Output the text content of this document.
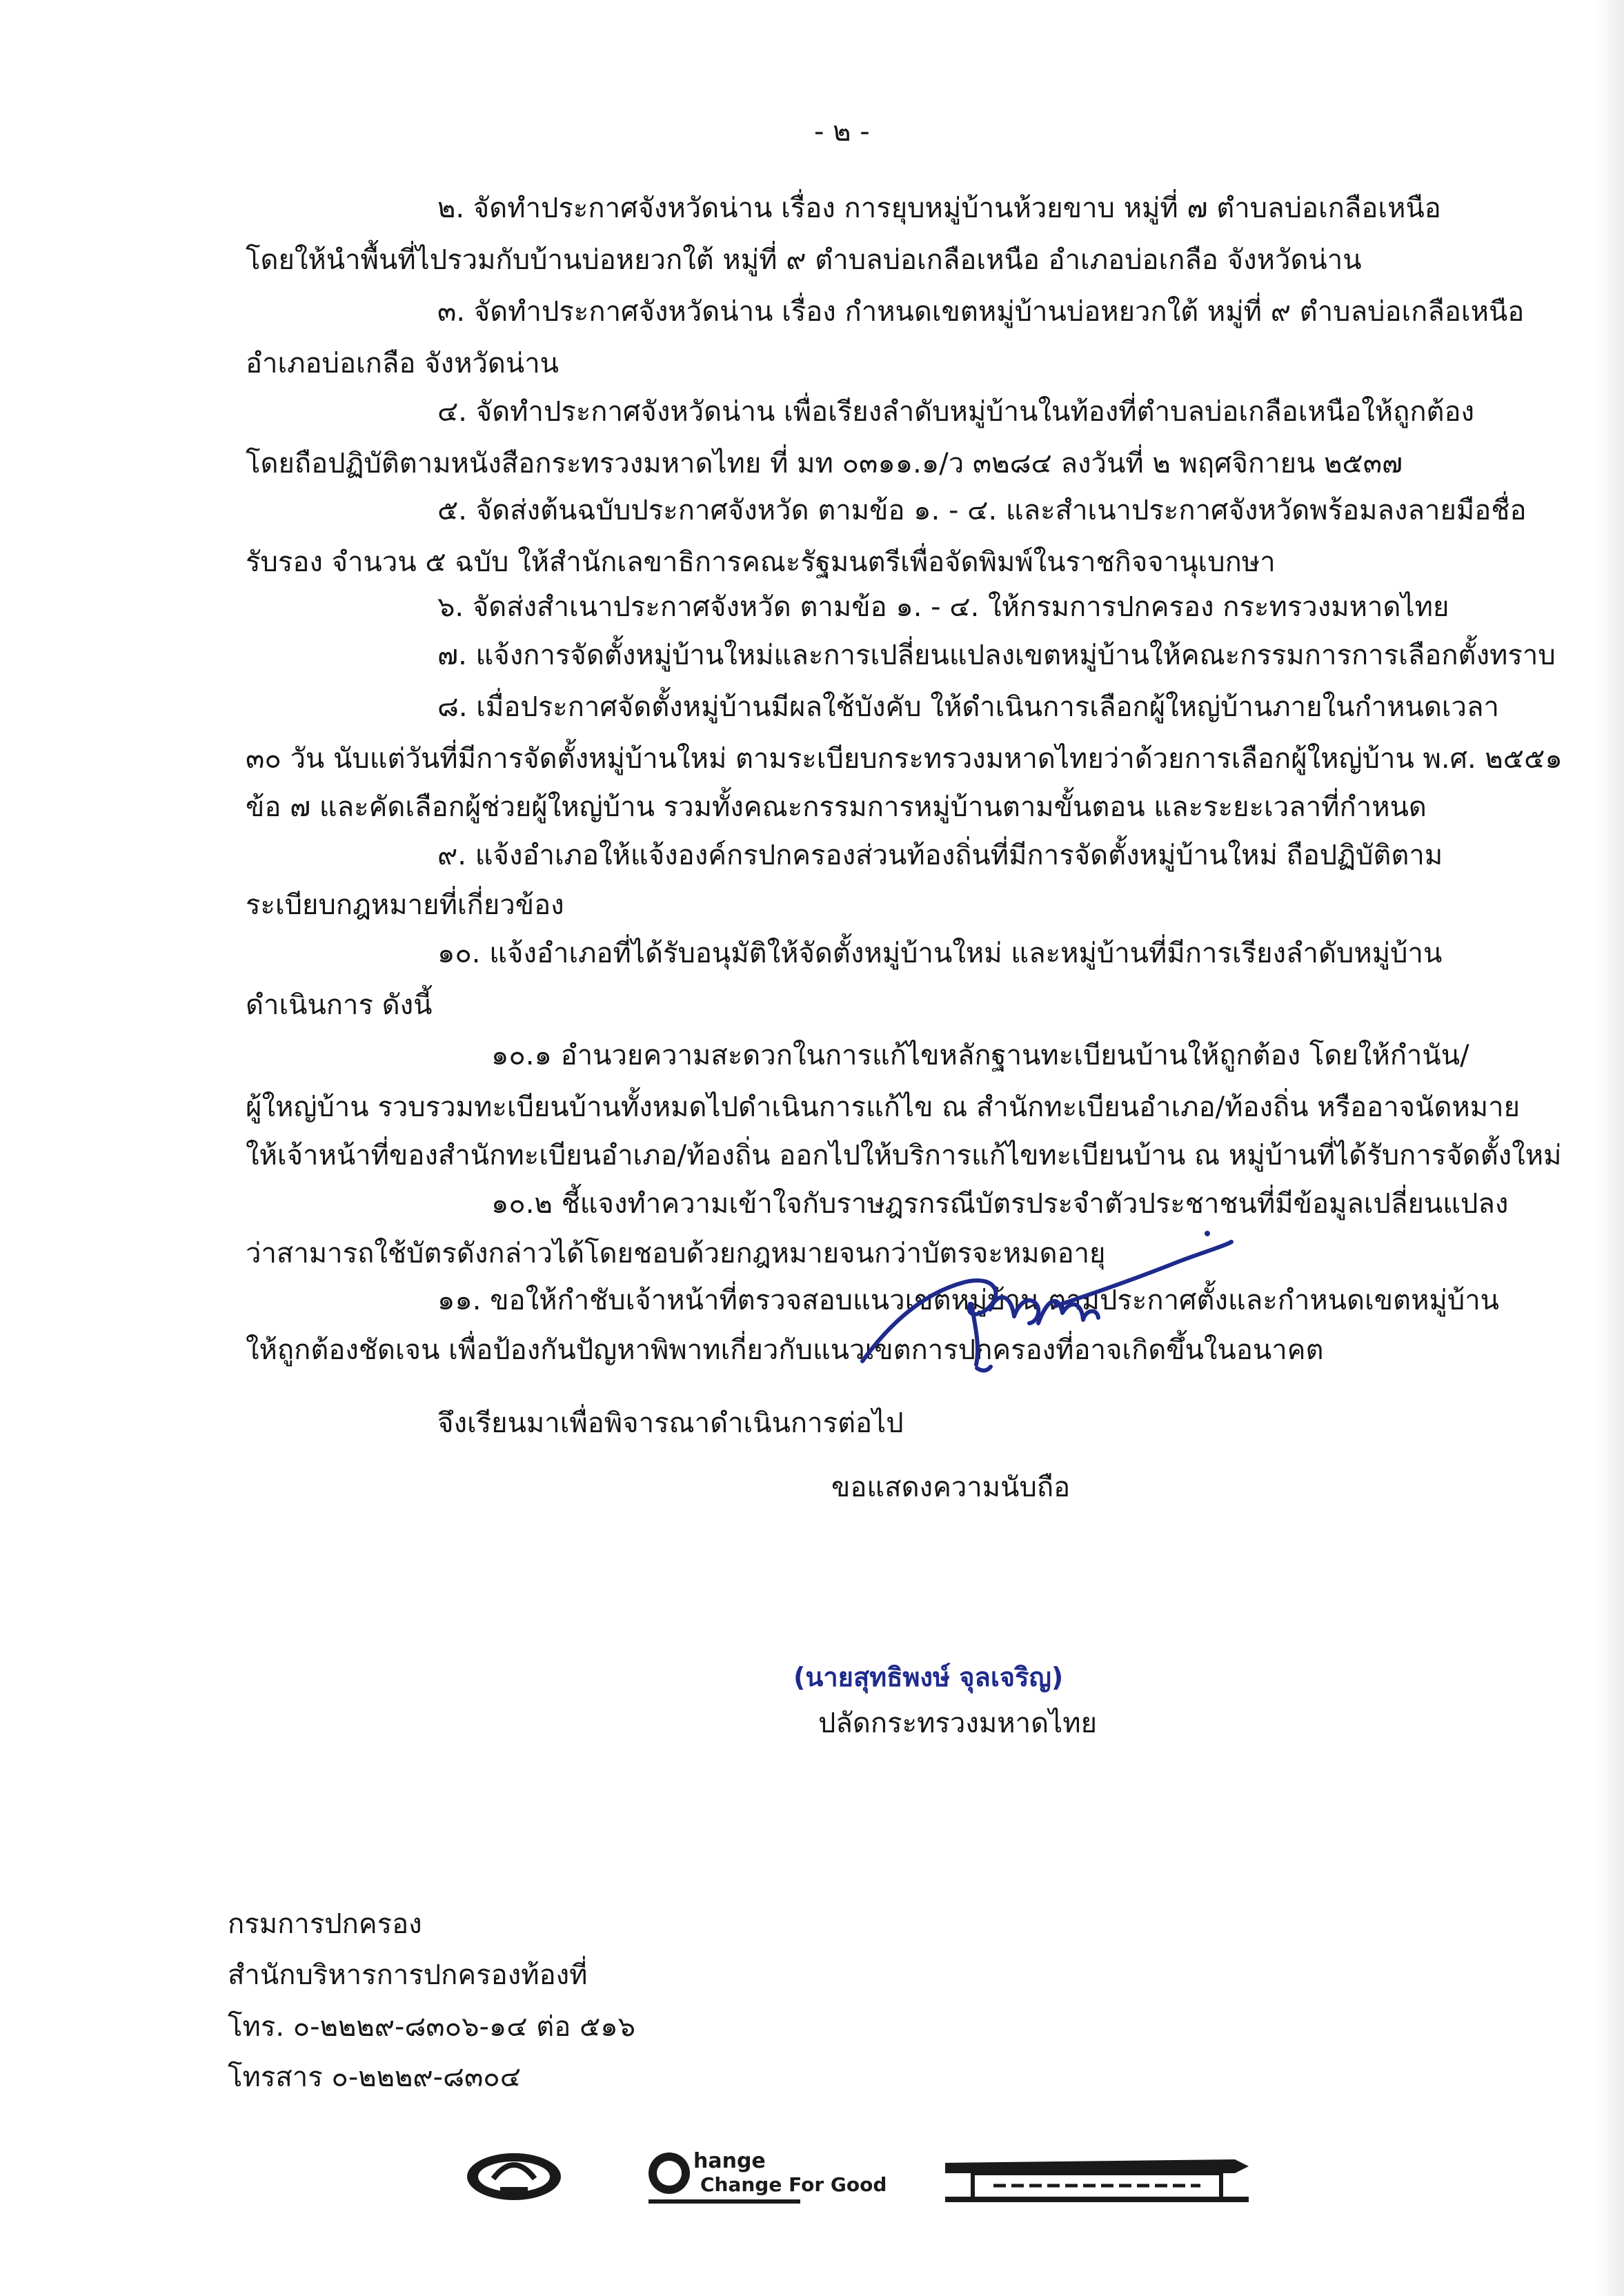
- ๒ -
๒. จัดทำประกาศจังหวัดน่าน เรื่อง การยุบหมู่บ้านห้วยขาบ หมู่ที่ ๗ ตำบลบ่อเกลือเหนือ
โดยให้นำพื้นที่ไปรวมกับบ้านบ่อหยวกใต้ หมู่ที่ ๙ ตำบลบ่อเกลือเหนือ อำเภอบ่อเกลือ จังหวัดน่าน
๓. จัดทำประกาศจังหวัดน่าน เรื่อง กำหนดเขตหมู่บ้านบ่อหยวกใต้ หมู่ที่ ๙ ตำบลบ่อเกลือเหนือ
อำเภอบ่อเกลือ จังหวัดน่าน
๔. จัดทำประกาศจังหวัดน่าน เพื่อเรียงลำดับหมู่บ้านในท้องที่ตำบลบ่อเกลือเหนือให้ถูกต้อง
โดยถือปฏิบัติตามหนังสือกระทรวงมหาดไทย ที่ มท ๐๓๑๑.๑/ว ๓๒๘๔ ลงวันที่ ๒ พฤศจิกายน ๒๕๓๗
๕. จัดส่งต้นฉบับประกาศจังหวัด ตามข้อ ๑. - ๔. และสำเนาประกาศจังหวัดพร้อมลงลายมือชื่อ
รับรอง จำนวน ๕ ฉบับ ให้สำนักเลขาธิการคณะรัฐมนตรีเพื่อจัดพิมพ์ในราชกิจจานุเบกษา
๖. จัดส่งสำเนาประกาศจังหวัด ตามข้อ ๑. - ๔. ให้กรมการปกครอง กระทรวงมหาดไทย
๗. แจ้งการจัดตั้งหมู่บ้านใหม่และการเปลี่ยนแปลงเขตหมู่บ้านให้คณะกรรมการการเลือกตั้งทราบ
๘. เมื่อประกาศจัดตั้งหมู่บ้านมีผลใช้บังคับ ให้ดำเนินการเลือกผู้ใหญ่บ้านภายในกำหนดเวลา
๓๐ วัน นับแต่วันที่มีการจัดตั้งหมู่บ้านใหม่ ตามระเบียบกระทรวงมหาดไทยว่าด้วยการเลือกผู้ใหญ่บ้าน พ.ศ. ๒๕๕๑
ข้อ ๗ และคัดเลือกผู้ช่วยผู้ใหญ่บ้าน รวมทั้งคณะกรรมการหมู่บ้านตามขั้นตอน และระยะเวลาที่กำหนด
๙. แจ้งอำเภอให้แจ้งองค์กรปกครองส่วนท้องถิ่นที่มีการจัดตั้งหมู่บ้านใหม่ ถือปฏิบัติตาม
ระเบียบกฎหมายที่เกี่ยวข้อง
๑๐. แจ้งอำเภอที่ได้รับอนุมัติให้จัดตั้งหมู่บ้านใหม่ และหมู่บ้านที่มีการเรียงลำดับหมู่บ้าน
ดำเนินการ ดังนี้
๑๐.๑ อำนวยความสะดวกในการแก้ไขหลักฐานทะเบียนบ้านให้ถูกต้อง โดยให้กำนัน/
ผู้ใหญ่บ้าน รวบรวมทะเบียนบ้านทั้งหมดไปดำเนินการแก้ไข ณ สำนักทะเบียนอำเภอ/ท้องถิ่น หรืออาจนัดหมาย
ให้เจ้าหน้าที่ของสำนักทะเบียนอำเภอ/ท้องถิ่น ออกไปให้บริการแก้ไขทะเบียนบ้าน ณ หมู่บ้านที่ได้รับการจัดตั้งใหม่
๑๐.๒ ชี้แจงทำความเข้าใจกับราษฎรกรณีบัตรประจำตัวประชาชนที่มีข้อมูลเปลี่ยนแปลง
ว่าสามารถใช้บัตรดังกล่าวได้โดยชอบด้วยกฎหมายจนกว่าบัตรจะหมดอายุ
๑๑. ขอให้กำชับเจ้าหน้าที่ตรวจสอบแนวเขตหมู่บ้าน ตามประกาศตั้งและกำหนดเขตหมู่บ้าน
ให้ถูกต้องชัดเจน เพื่อป้องกันปัญหาพิพาทเกี่ยวกับแนวเขตการปกครองที่อาจเกิดขึ้นในอนาคต
จึงเรียนมาเพื่อพิจารณาดำเนินการต่อไป
ขอแสดงความนับถือ
(นายสุทธิพงษ์ จุลเจริญ)
ปลัดกระทรวงมหาดไทย
กรมการปกครอง
สำนักบริหารการปกครองท้องที่
โทร. ๐-๒๒๒๙-๘๓๐๖-๑๔ ต่อ ๕๑๖
โทรสาร ๐-๒๒๒๙-๘๓๐๔
hange
Change For Good
